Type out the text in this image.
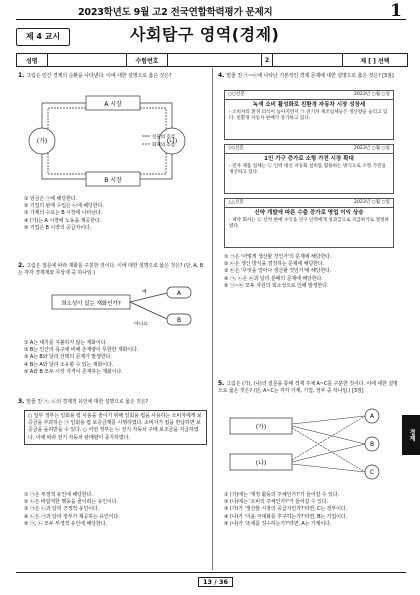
2023학년도 9월 고2 전국연합학력평가 문제지	1
제 4 교시	사회탐구 영역(경제)
성명	수험번호	2	제 [ ] 선택
1. 그림은 민간 경제의 순환을 나타낸다. 이에 대한 설명으로 옳은 것은?
A 시장
B 시장
(가)	(나)
실물의 흐름
화폐의 흐름
① 임금은 ㉠에 해당한다.
② 기업의 판매 수입은 ㉡에 해당한다.
③ 가계의 수요는 B 시장에 나타난다.
④ (가)는 A 시장에 노동을 제공한다.
⑤ 기업은 B 시장의 공급자이다.
2. 그림은 질문에 따라 재화를 구분한 것이다. 이에 대한 설명으로 옳은 것은? (단, A, B는 각각 경제재와 무상재 중 하나임.)
희소성이 있는 재화인가?
예
아니요
A
B
① A는 대가를 지불하지 않는 재화이다.
② B는 인간의 욕구에 비해 존재량이 무한한 재화이다.
③ A는 B와 달리 선택의 문제가 발생한다.
④ B는 A와 달리 소유할 수 있는 재화이다.
⑤ A와 B 모두 시장 가격이 존재하는 재화이다.
3. 밑줄 친 ㉠, ㉡의 경제적 유인에 대한 설명으로 옳은 것은?
○ 일부 정부는 일회용 컵 사용을 줄이기 위해 일회용 컵을 사용하는 소비자에게 보증금을 부과하는 ㉠ 일회용 컵 보증금제를 시행하였다. 소비자가 컵을 반납하면 보증금을 돌려받을 수 있다. ○ 어떤 정부는 ㉡ 전기 자동차 구매 보조금을 지급하였다. 이에 따라 전기 자동차 판매량이 증가하였다.
① ㉠은 부정적 유인에 해당한다.
② ㉡은 바람직한 행동을 줄이려는 유인이다.
③ ㉠은 ㉡과 달리 긍정적 유인이다.
④ ㉡은 ㉠과 달리 정부가 제공하는 유인이다.
⑤ ㉠, ㉡ 모두 부정적 유인에 해당한다.
4. 밑줄 친 ㉠~㉢에 나타난 기본적인 경제 문제에 대한 설명으로 옳은 것은? [3점]
○○신문	2023년 ○월 ○일
녹색 소비 활성화로 친환경 자동차 시장 성장세
- 소비자의 환경 의식이 높아지면서 ㉠ 전기차 제조업체들은 생산량을 늘리고 있다. 친환경 자동차 판매가 증가하고 있다.
◇◇신문	2023년 ○월 ○일
1인 가구 증가로 소형 가전 시장 확대
- 전자 제품 업체는 ㉡ 인력 대신 자동화 설비를 활용하는 방식으로 소형 가전을 생산하고 있다.
△△신문	2023년 ○월 ○일
신약 개발에 따른 수출 증가로 영업 이익 상승
- 제약 회사는 ㉢ 신약 판매 수익을 연구 인력에게 성과급으로 지급하기로 결정하였다.
① ㉠은 '어떻게 생산할 것인가'의 문제에 해당한다.
② ㉡은 생산 방식을 결정하는 문제에 해당한다.
③ ㉢은 '무엇을 얼마나 생산할 것인가'에 해당한다.
④ ㉠, ㉡은 ㉢과 달리 분배의 문제에 해당한다.
⑤ ㉠~㉢ 모두 자원의 희소성으로 인해 발생한다.
5. 그림은 (가), (나)의 질문을 통해 경제 주체 A~C를 구분한 것이다. 이에 대한 설명으로 옳은 것은? (단, A~C는 각각 가계, 기업, 정부 중 하나임.) [3점]
(가)
(나)
A
B
C
① (가)에는 '재정 활동의 주체인가?'가 들어갈 수 있다.
② (나)에는 '소비의 주체인가?'가 들어갈 수 있다.
③ (가)가 '생산물 시장의 공급자인가?'라면, C는 정부이다.
④ (나)가 '이윤 극대화를 추구하는가?'라면, B는 기업이다.
⑤ (나)가 '조세를 징수하는가?'라면, A는 가계이다.
경제
13 / 36
